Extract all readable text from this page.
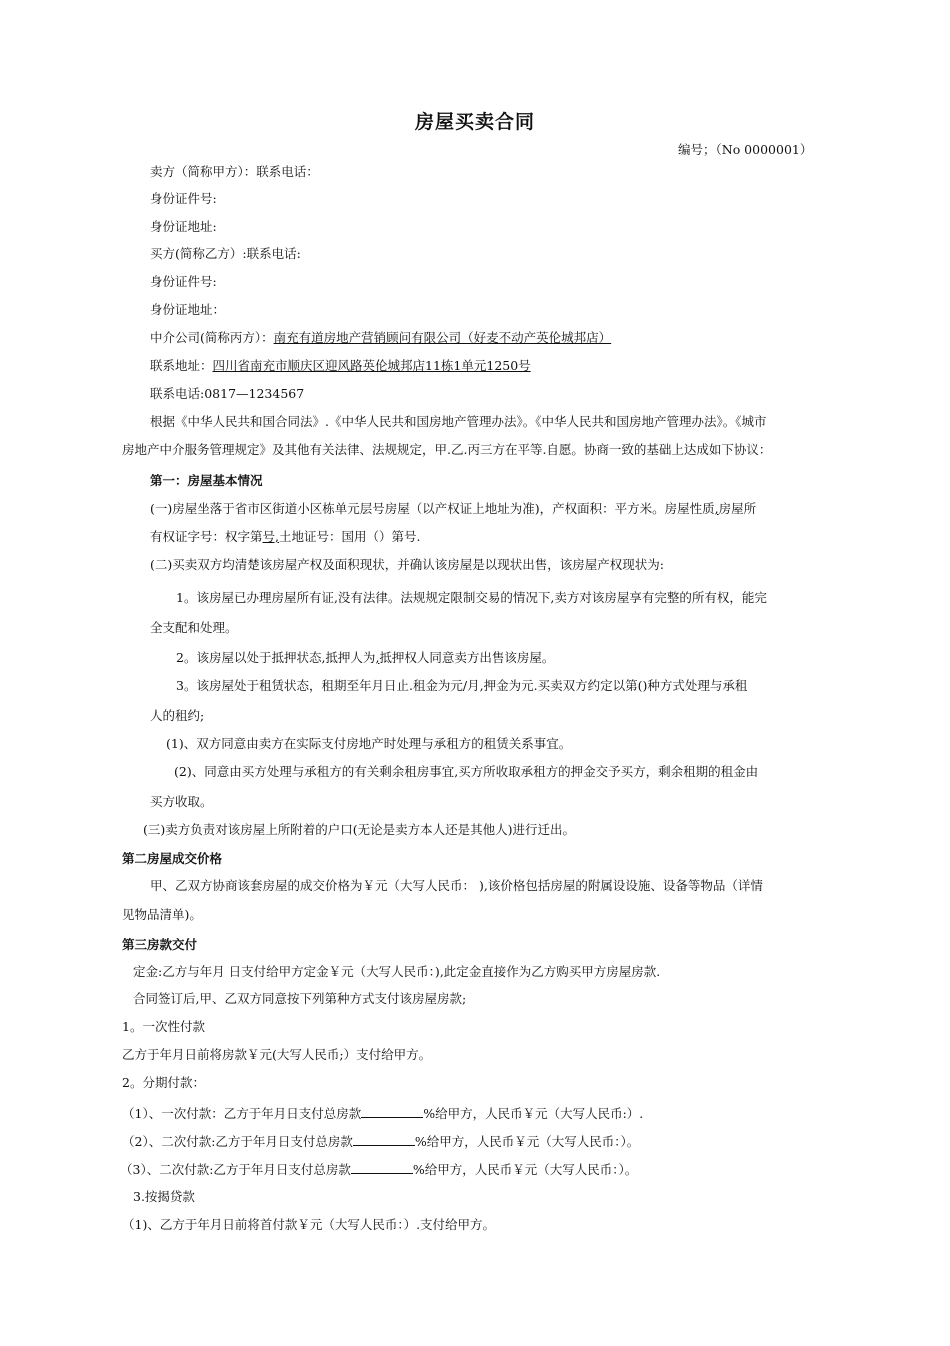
房屋买卖合同
编号；（No 0000001）
卖方（简称甲方）：联系电话：
身份证件号:
身份证地址:
买方(简称乙方）:联系电话:
身份证件号:
身份证地址：
中介公司(简称丙方）：南充有道房地产营销顾问有限公司（好麦不动产英伦城邦店）
联系地址：四川省南充市顺庆区迎风路英伦城邦店11栋1单元1250号
联系电话:0817—1234567
根据《中华人民共和国合同法》.《中华人民共和国房地产管理办法》。《中华人民共和国房地产管理办法》。《城市
房地产中介服务管理规定》及其他有关法律、法规规定，甲.乙.丙三方在平等.自愿。协商一致的基础上达成如下协议：
第一：房屋基本情况
(一)房屋坐落于省市区街道小区栋单元层号房屋（以产权证上地址为准)，产权面积：平方米。房屋性质,房屋所
有权证字号：权字第号,土地证号：国用（）第号.
(二)买卖双方均清楚该房屋产权及面积现状，并确认该房屋是以现状出售，该房屋产权现状为:
1。该房屋已办理房屋所有证,没有法律。法规规定限制交易的情况下,卖方对该房屋享有完整的所有权，能完
全支配和处理。
2。该房屋以处于抵押状态,抵押人为,抵押权人同意卖方出售该房屋。
3。该房屋处于租赁状态，租期至年月日止.租金为元/月,押金为元.买卖双方约定以第()种方式处理与承租
人的租约;
(1)、双方同意由卖方在实际支付房地产时处理与承租方的租赁关系事宜。
(2)、同意由买方处理与承租方的有关剩余租房事宜,买方所收取承租方的押金交予买方，剩余租期的租金由
买方收取。
(三)卖方负责对该房屋上所附着的户口(无论是卖方本人还是其他人)进行迁出。
第二房屋成交价格
甲、乙双方协商该套房屋的成交价格为￥元（大写人民币： ),该价格包括房屋的附属设设施、设备等物品（详情
见物品清单)。
第三房款交付
定金:乙方与年月 日支付给甲方定金￥元（大写人民币：),此定金直接作为乙方购买甲方房屋房款.
合同签订后,甲、乙双方同意按下列第种方式支付该房屋房款;
1。一次性付款
乙方于年月日前将房款￥元(大写人民币;）支付给甲方。
2。分期付款：
（1）、一次付款：乙方于年月日支付总房款	%给甲方，人民币￥元（大写人民币:）.
（2）、二次付款:乙方于年月日支付总房款	%给甲方，人民币￥元（大写人民币：）。
（3）、二次付款:乙方于年月日支付总房款	%给甲方，人民币￥元（大写人民币：）。
3.按揭贷款
（1)、乙方于年月日前将首付款￥元（大写人民币：）.支付给甲方。
